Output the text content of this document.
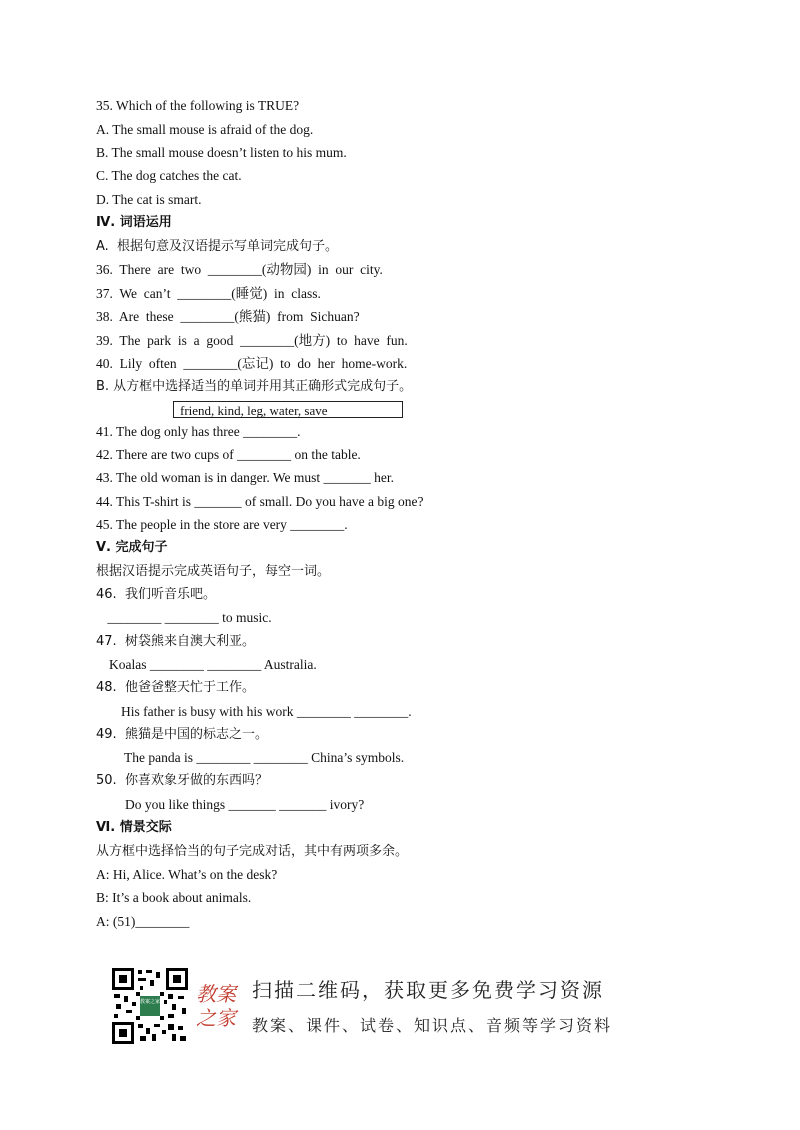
35. Which of the following is TRUE?
A. The small mouse is afraid of the dog.
B. The small mouse doesn’t listen to his mum.
C. The dog catches the cat.
D. The cat is smart.
Ⅳ. 词语运用
A.  根据句意及汉语提示写单词完成句子。
36.  There  are  two  ________(动物园)  in  our  city.
37.  We  can’t  ________(睡觉)  in  class.
38.  Are  these  ________(熊猫)  from  Sichuan?
39.  The  park  is  a  good  ________(地方)  to  have  fun.
40.  Lily  often  ________(忘记)  to  do  her  home-work.
B. 从方框中选择适当的单词并用其正确形式完成句子。
friend, kind, leg, water, save
41. The dog only has three ________.
42. There are two cups of ________ on the table.
43. The old woman is in danger. We must _______ her.
44. This T-shirt is _______ of small. Do you have a big one?
45. The people in the store are very ________.
Ⅴ. 完成句子
根据汉语提示完成英语句子，每空一词。
46.  我们听音乐吧。
________ ________ to music.
47.  树袋熊来自澳大利亚。
Koalas ________ ________ Australia.
48.  他爸爸整天忙于工作。
His father is busy with his work ________ ________.
49.  熊猫是中国的标志之一。
The panda is ________ ________ China’s symbols.
50.  你喜欢象牙做的东西吗？
Do you like things _______ _______ ivory?
Ⅵ. 情景交际
从方框中选择恰当的句子完成对话，其中有两项多余。
A: Hi, Alice. What’s on the desk?
B: It’s a book about animals.
A: (51)________
教案之家 教案
之家
扫描二维码，获取更多免费学习资源
教案、课件、试卷、知识点、音频等学习资料
